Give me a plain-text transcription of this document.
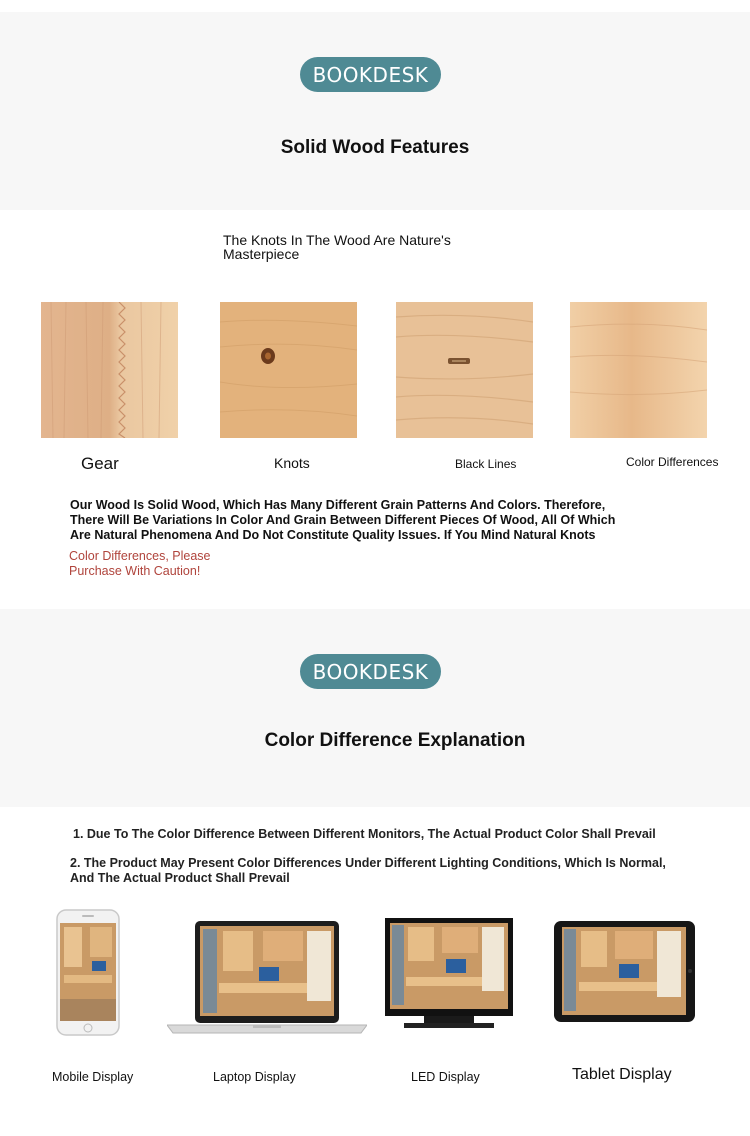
BOOKDESK
Solid Wood Features
The Knots In The Wood Are Nature's
Masterpiece
Gear	Knots	Black Lines	Color Differences
Our Wood Is Solid Wood, Which Has Many Different Grain Patterns And Colors. Therefore,
There Will Be Variations In Color And Grain Between Different Pieces Of Wood, All Of Which
Are Natural Phenomena And Do Not Constitute Quality Issues. If You Mind Natural Knots
Color Differences, Please
Purchase With Caution!
BOOKDESK
Color Difference Explanation
1. Due To The Color Difference Between Different Monitors, The Actual Product Color Shall Prevail
2. The Product May Present Color Differences Under Different Lighting Conditions, Which Is Normal,
And The Actual Product Shall Prevail
Mobile Display	Laptop Display	LED Display	Tablet Display
